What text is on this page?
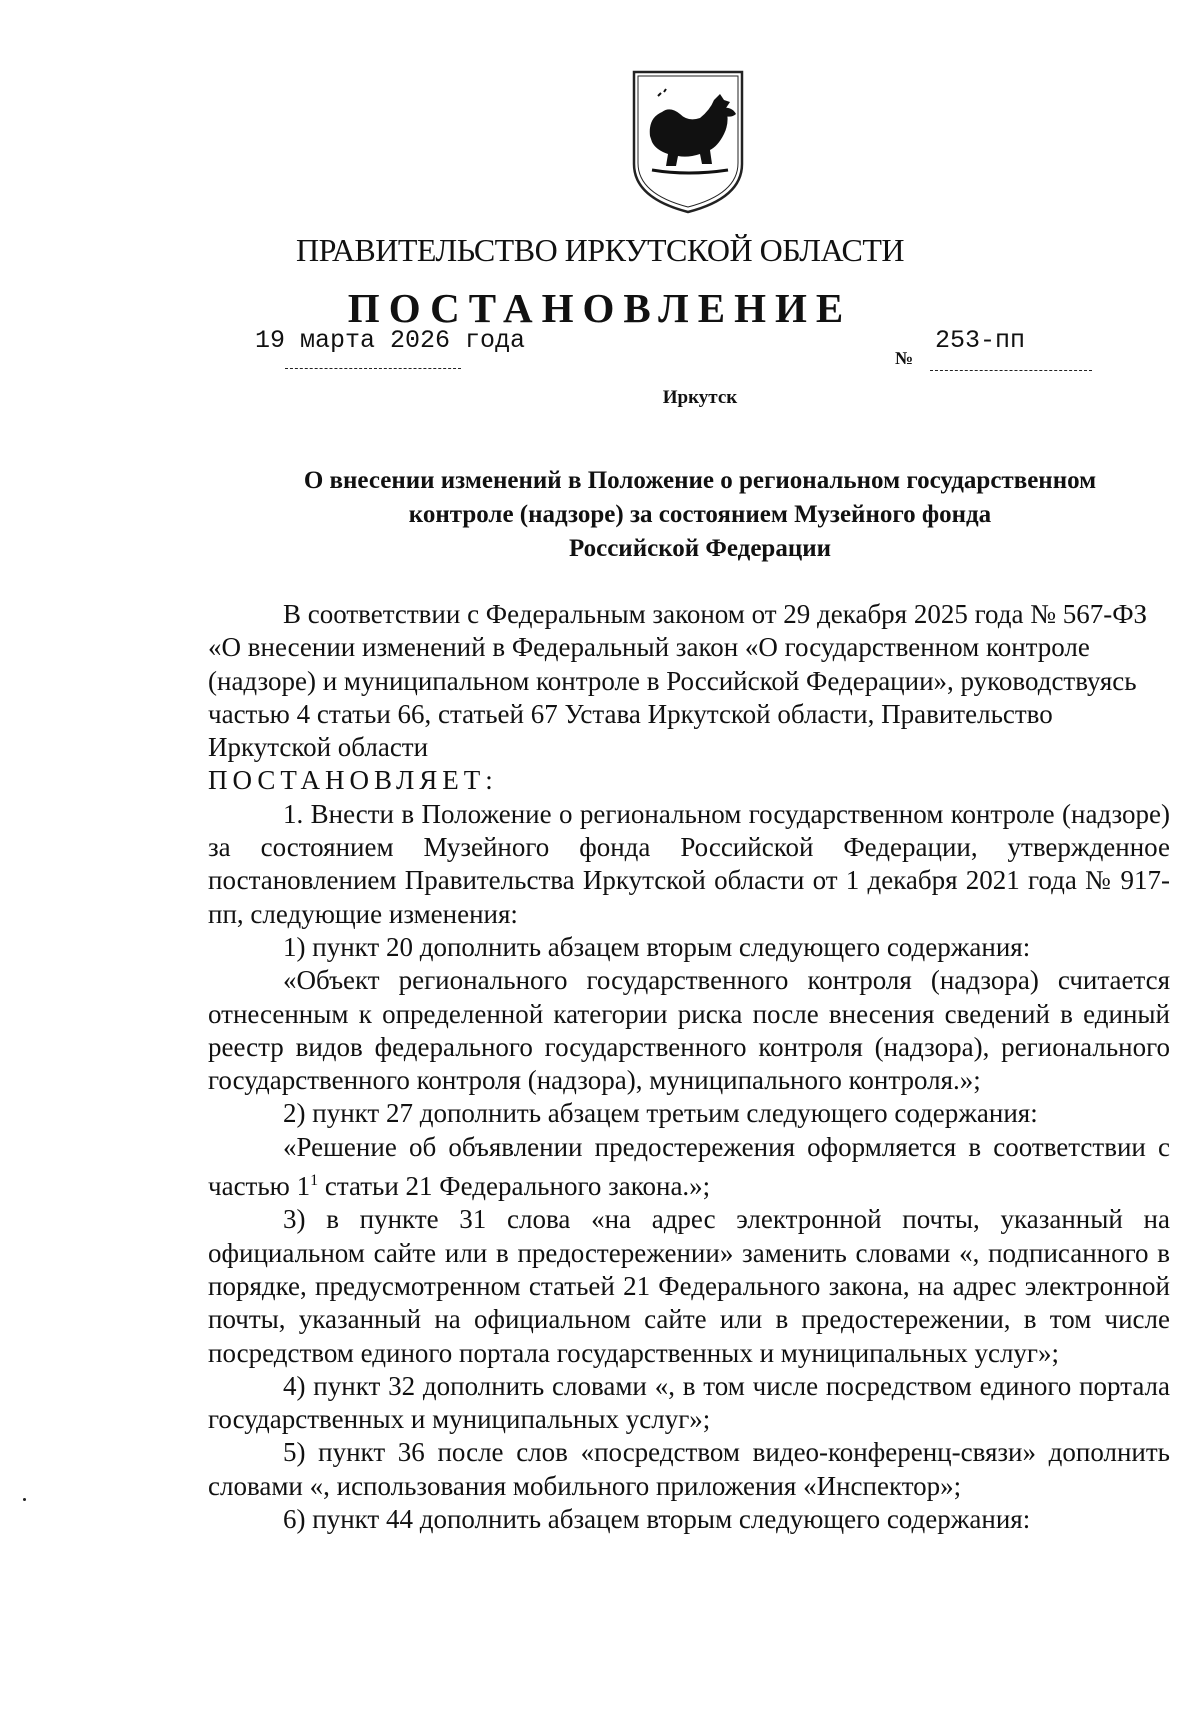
ПРАВИТЕЛЬСТВО ИРКУТСКОЙ ОБЛАСТИ
ПОСТАНОВЛЕНИЕ
19 марта 2026 года
№
253-пп
Иркутск
О внесении изменений в Положение о региональном государственном
контроле (надзоре) за состоянием Музейного фонда
Российской Федерации

В соответствии с Федеральным законом от 29 декабря 2025 года № 567-ФЗ «О внесении изменений в Федеральный закон «О государственном контроле (надзоре) и муниципальном контроле в Российской Федерации», руководствуясь частью 4 статьи 66, статьей 67 Устава Иркутской области, Правительство Иркутской области

ПОСТАНОВЛЯЕТ:

1. Внести в Положение о региональном государственном контроле (надзоре) за состоянием Музейного фонда Российской Федерации, утвержденное постановлением Правительства Иркутской области от 1 декабря 2021 года № 917-пп, следующие изменения:

1) пункт 20 дополнить абзацем вторым следующего содержания:

«Объект регионального государственного контроля (надзора) считается отнесенным к определенной категории риска после внесения сведений в единый реестр видов федерального государственного контроля (надзора), регионального государственного контроля (надзора), муниципального контроля.»;

2) пункт 27 дополнить абзацем третьим следующего содержания:

«Решение об объявлении предостережения оформляется в соответствии с частью $1^1$ статьи 21 Федерального закона.»;

3) в пункте 31 слова «на адрес электронной почты, указанный на официальном сайте или в предостережении» заменить словами «, подписанного в порядке, предусмотренном статьей 21 Федерального закона, на адрес электронной почты, указанный на официальном сайте или в предостережении, в том числе посредством единого портала государственных и муниципальных услуг»;

4) пункт 32 дополнить словами «, в том числе посредством единого портала государственных и муниципальных услуг»;

5) пункт 36 после слов «посредством видео-конференц-связи» дополнить словами «, использования мобильного приложения «Инспектор»;

6) пункт 44 дополнить абзацем вторым следующего содержания:
